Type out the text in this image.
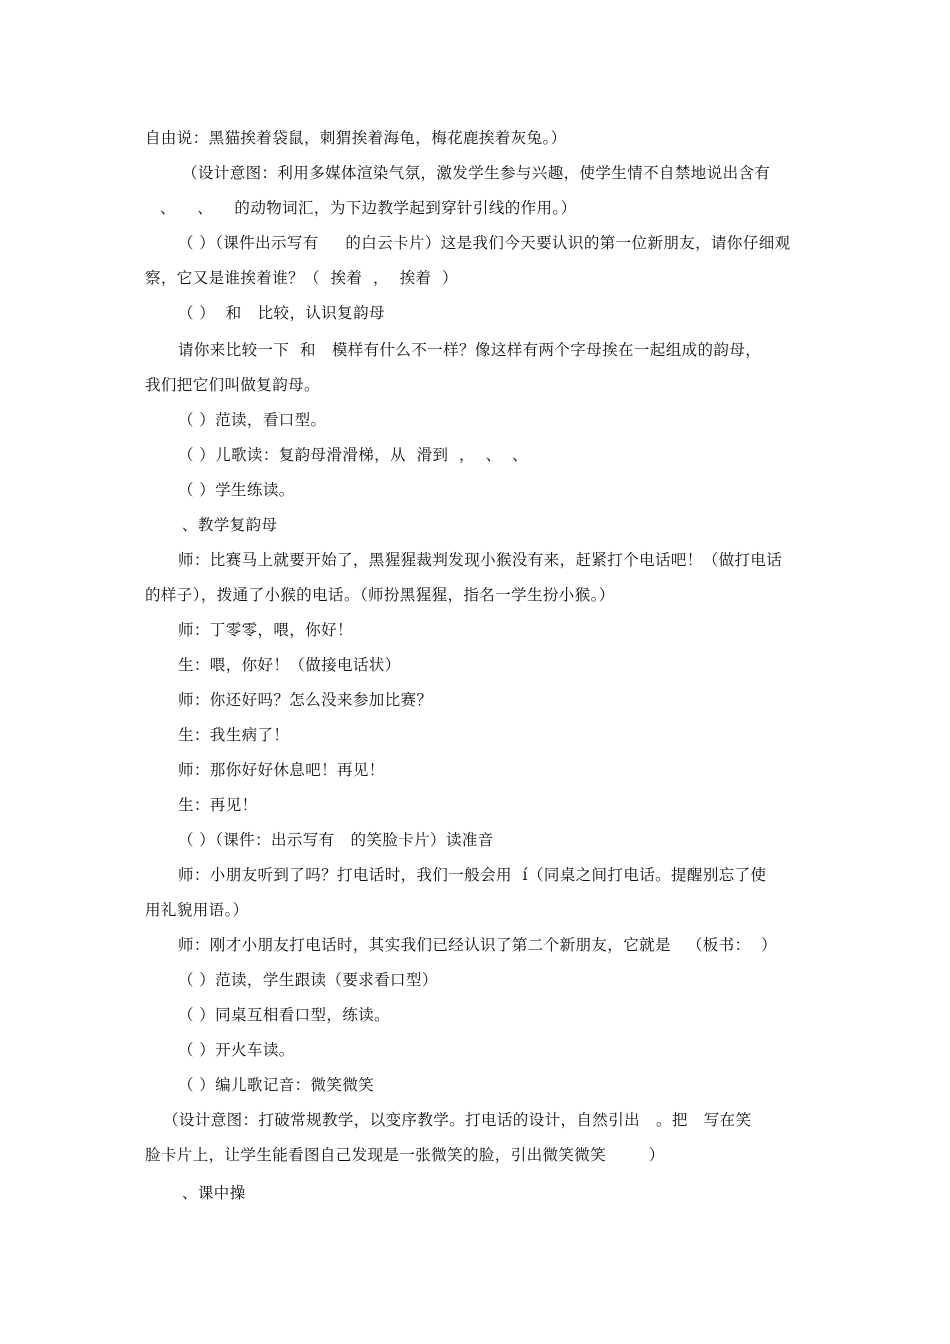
自由说：黑猫挨着袋鼠，刺猬挨着海龟，梅花鹿挨着灰兔。）
（设计意图：利用多媒体渲染气氛，激发学生参与兴趣，使学生情不自禁地说出含有
、    、    的动物词汇，为下边教学起到穿针引线的作用。）
（ ）（课件出示写有     的白云卡片）这是我们今天要认识的第一位新朋友，请你仔细观
察，它又是谁挨着谁？（  挨着  ，  挨着  ）
（ ）  和   比较，认识复韵母
请你来比较一下  和   模样有什么不一样？像这样有两个字母挨在一起组成的韵母，
我们把它们叫做复韵母。
（ ）范读，看口型。
（ ）儿歌读：复韵母滑滑梯，从  滑到  ，  、  、
（ ）学生练读。
、教学复韵母
师：比赛马上就要开始了，黑猩猩裁判发现小猴没有来，赶紧打个电话吧！（做打电话
的样子），拨通了小猴的电话。（师扮黑猩猩，指名一学生扮小猴。）
师：丁零零，喂，你好！
生：喂，你好！（做接电话状）
师：你还好吗？怎么没来参加比赛？
生：我生病了！
师：那你好好休息吧！再见！
生：再见！
（ ）（课件：出示写有   的笑脸卡片）读准音
师：小朋友听到了吗？打电话时，我们一般会用  í（同桌之间打电话。提醒别忘了使
用礼貌用语。）
师：刚才小朋友打电话时，其实我们已经认识了第二个新朋友，它就是   （板书：  ）
（ ）范读，学生跟读（要求看口型）
（ ）同桌互相看口型，练读。
（ ）开火车读。
（ ）编儿歌记音：微笑微笑
（设计意图：打破常规教学，以变序教学。打电话的设计，自然引出   。把   写在笑
脸卡片上，让学生能看图自己发现是一张微笑的脸，引出微笑微笑        ）
、课中操
